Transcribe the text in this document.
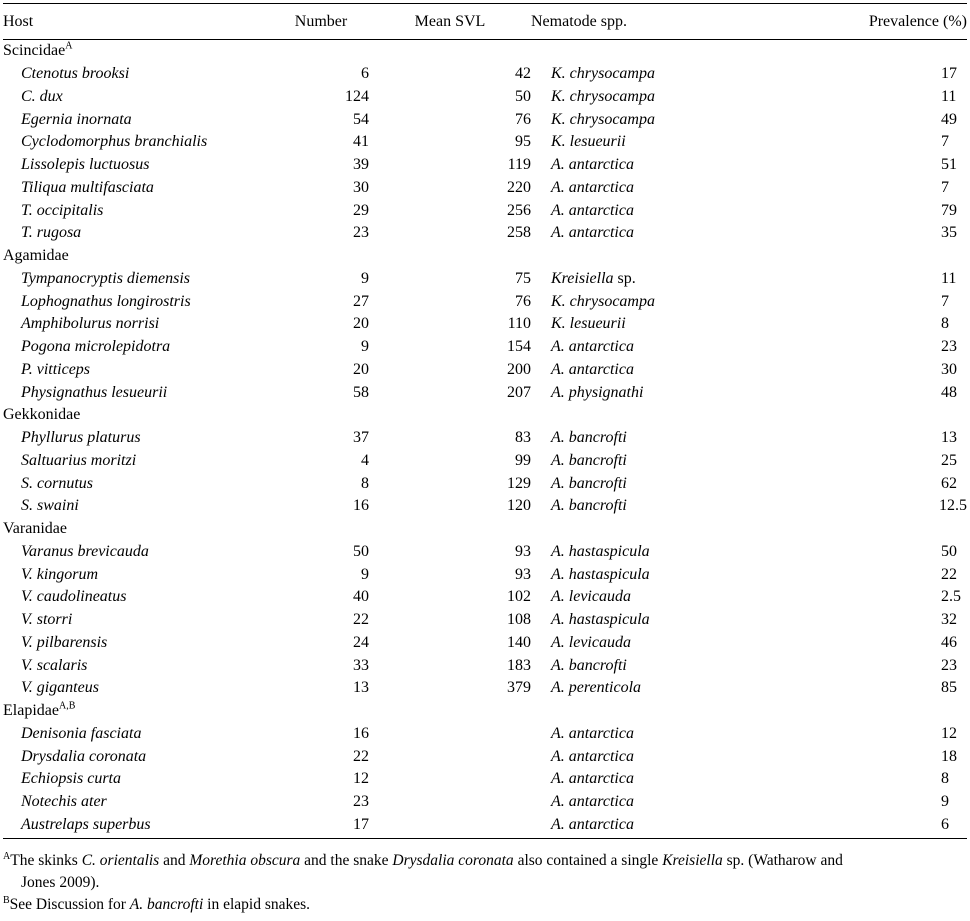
Host	Number	Mean SVL	Nematode spp.	Prevalence (%)
Scincidae$^A$
Ctenotus brooksi	6	42	K. chrysocampa	17
C. dux	124	50	K. chrysocampa	11
Egernia inornata	54	76	K. chrysocampa	49
Cyclodomorphus branchialis	41	95	K. lesueurii	7
Lissolepis luctuosus	39	119	A. antarctica	51
Tiliqua multifasciata	30	220	A. antarctica	7
T. occipitalis	29	256	A. antarctica	79
T. rugosa	23	258	A. antarctica	35
Agamidae				
Tympanocryptis diemensis	9	75	Kreisiella sp.	11
Lophognathus longirostris	27	76	K. chrysocampa	7
Amphibolurus norrisi	20	110	K. lesueurii	8
Pogona microlepidotra	9	154	A. antarctica	23
P. vitticeps	20	200	A. antarctica	30
Physignathus lesueurii	58	207	A. physignathi	48
Gekkonidae				
Phyllurus platurus	37	83	A. bancrofti	13
Saltuarius moritzi	4	99	A. bancrofti	25
S. cornutus	8	129	A. bancrofti	62
S. swaini	16	120	A. bancrofti	12.5
Varanidae				
Varanus brevicauda	50	93	A. hastaspicula	50
V. kingorum	9	93	A. hastaspicula	22
V. caudolineatus	40	102	A. levicauda	2.5
V. storri	22	108	A. hastaspicula	32
V. pilbarensis	24	140	A. levicauda	46
V. scalaris	33	183	A. bancrofti	23
V. giganteus	13	379	A. perenticola	85
Elapidae$^{A,B}$
Denisonia fasciata	16		A. antarctica	12
Drysdalia coronata	22		A. antarctica	18
Echiopsis curta	12		A. antarctica	8
Notechis ater	23		A. antarctica	9
Austrelaps superbus	17		A. antarctica	6

$^A$The skinks C. orientalis and Morethia obscura and the snake Drysdalia coronata also contained a single Kreisiella sp. (Watharow and

Jones 2009).

$^B$See Discussion for A. bancrofti in elapid snakes.
